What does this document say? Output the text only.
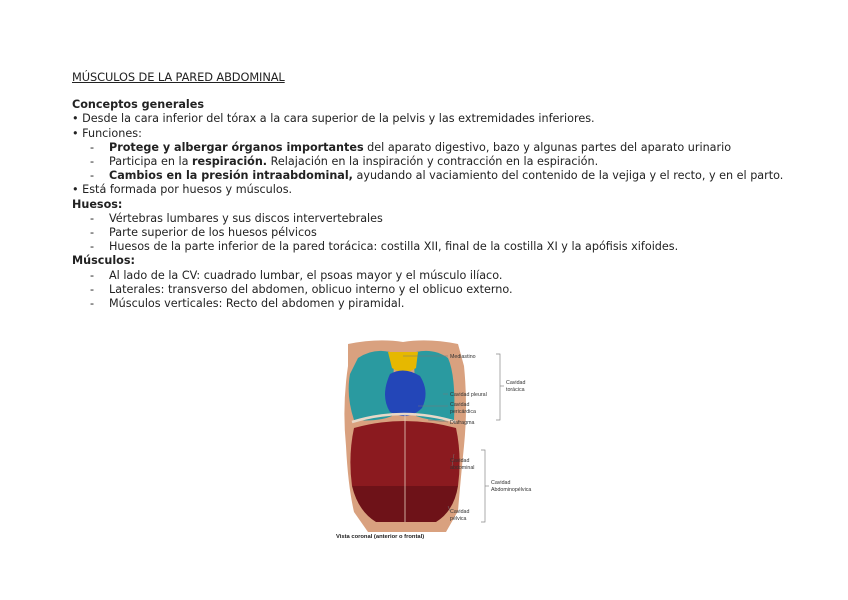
MÚSCULOS DE LA PARED ABDOMINAL
Conceptos generales
• Desde la cara inferior del tórax a la cara superior de la pelvis y las extremidades inferiores.
• Funciones:
- Protege y albergar órganos importantes del aparato digestivo, bazo y algunas partes del aparato urinario
- Participa en la respiración. Relajación en la inspiración y contracción en la espiración.
- Cambios en la presión intraabdominal, ayudando al vaciamiento del contenido de la vejiga y el recto, y en el parto.
• Está formada por huesos y músculos.
Huesos:
- Vértebras lumbares y sus discos intervertebrales
- Parte superior de los huesos pélvicos
- Huesos de la parte inferior de la pared torácica: costilla XII, final de la costilla XI y la apófisis xifoides.
Músculos:
- Al lado de la CV: cuadrado lumbar, el psoas mayor y el músculo ilíaco.
- Laterales: transverso del abdomen, oblicuo interno y el oblicuo externo.
- Músculos verticales: Recto del abdomen y piramidal.
Mediastino
Cavidad pleural
Cavidad
pericárdica
Diafragma
Cavidad
abdominal
Cavidad
pélvica
Cavidad
torácica
Cavidad
Abdominopélvica
Vista coronal (anterior o frontal)
